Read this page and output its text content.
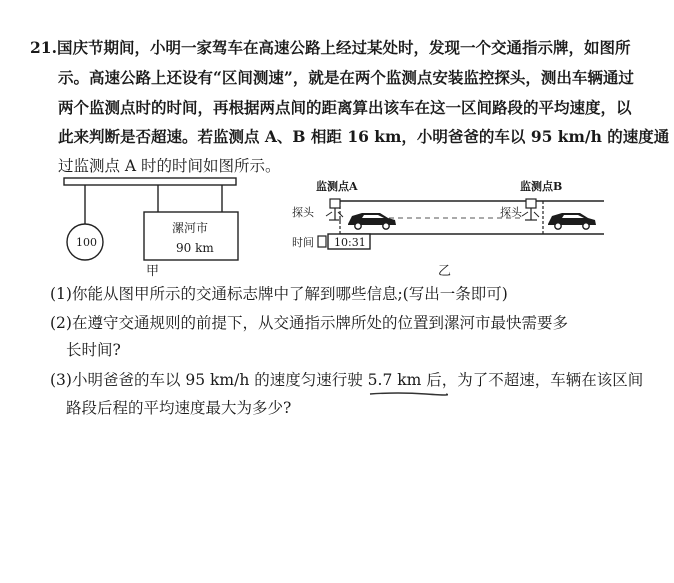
21.国庆节期间，小明一家驾车在高速公路上经过某处时，发现一个交通指示牌，如图所
示。高速公路上还设有“区间测速”，就是在两个监测点安装监控探头，测出车辆通过
两个监测点时的时间，再根据两点间的距离算出该车在这一区间路段的平均速度，以
此来判断是否超速。若监测点 A、B 相距 16 km，小明爸爸的车以 95 km/h 的速度通
过监测点 A 时的时间如图所示。
100
漯河市
90 km
甲
监测点A	监测点B
探头	探头
时间 10:31
乙
(1)你能从图甲所示的交通标志牌中了解到哪些信息;(写出一条即可)
(2)在遵守交通规则的前提下，从交通指示牌所处的位置到漯河市最快需要多
长时间?
(3)小明爸爸的车以 95 km/h 的速度匀速行驶 5.7 km 后，为了不超速，车辆在该区间
路段后程的平均速度最大为多少?
